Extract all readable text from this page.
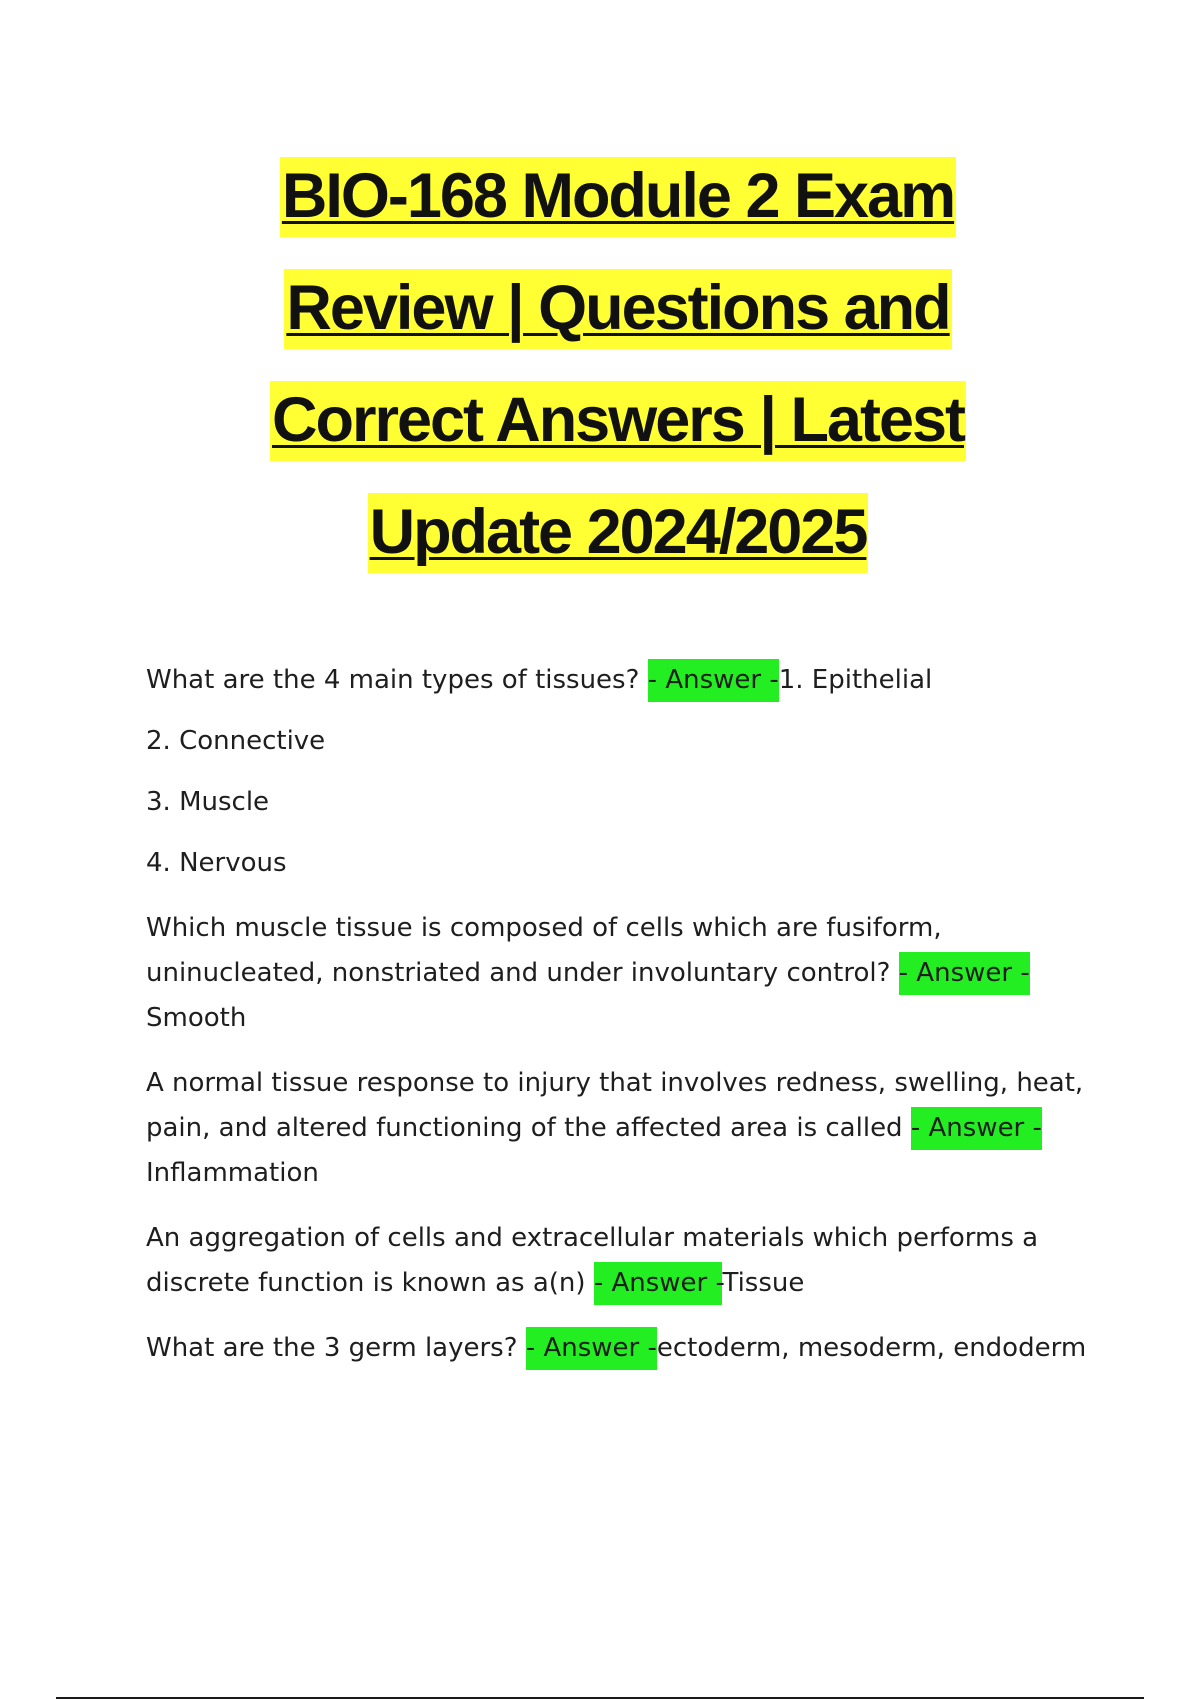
BIO-168 Module 2 Exam
Review | Questions and
Correct Answers | Latest
Update 2024/2025

What are the 4 main types of tissues? - Answer -1. Epithelial

2. Connective

3. Muscle

4. Nervous

Which muscle tissue is composed of cells which are fusiform, uninucleated, nonstriated and under involuntary control? - Answer - Smooth

A normal tissue response to injury that involves redness, swelling, heat, pain, and altered functioning of the affected area is called - Answer - Inflammation

An aggregation of cells and extracellular materials which performs a discrete function is known as a(n) - Answer -Tissue

What are the 3 germ layers? - Answer -ectoderm, mesoderm, endoderm
